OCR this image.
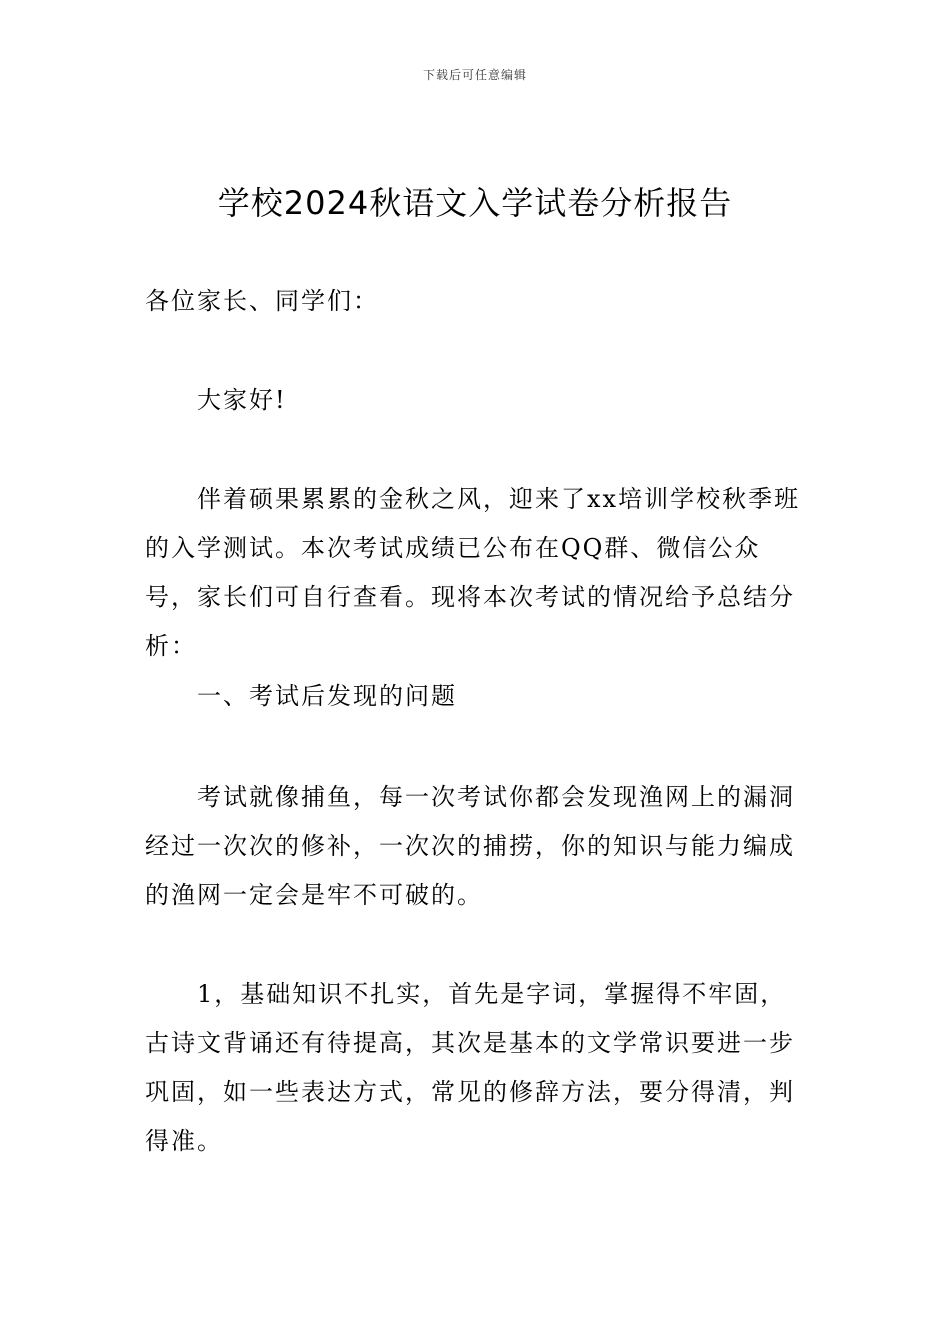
下载后可任意编辑
学校2024秋语文入学试卷分析报告

各位家长、同学们：

大家好!

伴着硕果累累的金秋之风，迎来了xx培训学校秋季班的入学测试。本次考试成绩已公布在QQ群、微信公众号，家长们可自行查看。现将本次考试的情况给予总结分析：

一、考试后发现的问题

考试就像捕鱼，每一次考试你都会发现渔网上的漏洞经过一次次的修补，一次次的捕捞，你的知识与能力编成的渔网一定会是牢不可破的。

1，基础知识不扎实，首先是字词，掌握得不牢固，古诗文背诵还有待提高，其次是基本的文学常识要进一步巩固，如一些表达方式，常见的修辞方法，要分得清，判得准。
